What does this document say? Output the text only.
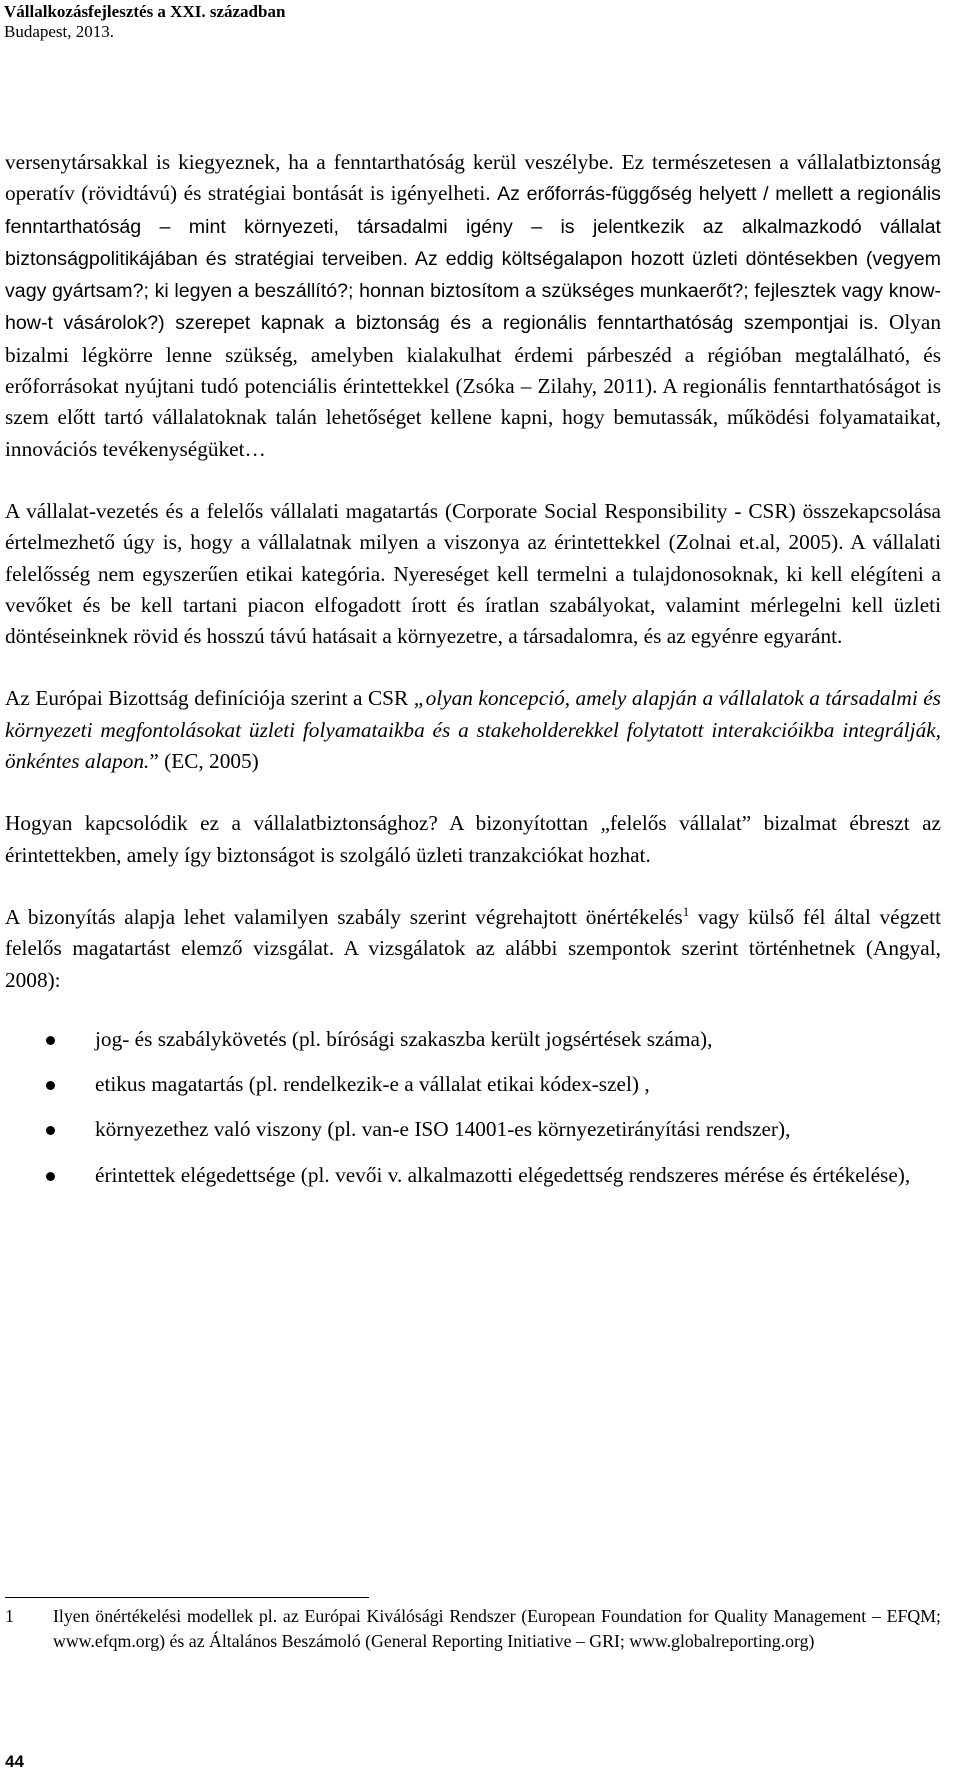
Vállalkozásfejlesztés a XXI. században
Budapest, 2013.

versenytársakkal is kiegyeznek, ha a fenntarthatóság kerül veszélybe. Ez természetesen a vállalatbiztonság operatív (rövidtávú) és stratégiai bontását is igényelheti. Az erőforrás-függőség helyett / mellett a regionális fenntarthatóság – mint környezeti, társadalmi igény – is jelentkezik az alkalmazkodó vállalat biztonságpolitikájában és stratégiai terveiben. Az eddig költségalapon hozott üzleti döntésekben (vegyem vagy gyártsam?; ki legyen a beszállító?; honnan biztosítom a szükséges munkaerőt?; fejlesztek vagy know-how-t vásárolok?) szerepet kapnak a biztonság és a regionális fenntarthatóság szempontjai is. Olyan bizalmi légkörre lenne szükség, amelyben kialakulhat érdemi párbeszéd a régióban megtalálható, és erőforrásokat nyújtani tudó potenciális érintettekkel (Zsóka – Zilahy, 2011). A regionális fenntarthatóságot is szem előtt tartó vállalatoknak talán lehetőséget kellene kapni, hogy bemutassák, működési folyamataikat, innovációs tevékenységüket…

A vállalat-vezetés és a felelős vállalati magatartás (Corporate Social Responsibility - CSR) összekapcsolása értelmezhető úgy is, hogy a vállalatnak milyen a viszonya az érintettekkel (Zolnai et.al, 2005). A vállalati felelősség nem egyszerűen etikai kategória. Nyereséget kell termelni a tulajdonosoknak, ki kell elégíteni a vevőket és be kell tartani piacon elfogadott írott és íratlan szabályokat, valamint mérlegelni kell üzleti döntéseinknek rövid és hosszú távú hatásait a környezetre, a társadalomra, és az egyénre egyaránt.

Az Európai Bizottság definíciója szerint a CSR „olyan koncepció, amely alapján a vállalatok a társadalmi és környezeti megfontolásokat üzleti folyamataikba és a stakeholderekkel folytatott interakcióikba integrálják, önkéntes alapon.” (EC, 2005)

Hogyan kapcsolódik ez a vállalatbiztonsághoz? A bizonyítottan „felelős vállalat” bizalmat ébreszt az érintettekben, amely így biztonságot is szolgáló üzleti tranzakciókat hozhat.

A bizonyítás alapja lehet valamilyen szabály szerint végrehajtott önértékelés$^1$ vagy külső fél által végzett felelős magatartást elemző vizsgálat. A vizsgálatok az alábbi szempontok szerint történhetnek (Angyal, 2008):

jog- és szabálykövetés (pl. bírósági szakaszba került jogsértések száma),
etikus magatartás (pl. rendelkezik-e a vállalat etikai kódex-szel) ,
környezethez való viszony (pl. van-e ISO 14001-es környezetirányítási rendszer),
érintettek elégedettsége (pl. vevői v. alkalmazotti elégedettség rendszeres mérése és értékelése),
1 Ilyen önértékelési modellek pl. az Európai Kiválósági Rendszer (European Foundation for Quality Management – EFQM; www.efqm.org) és az Általános Beszámoló (General Reporting Initiative – GRI; www.globalreporting.org)
44
